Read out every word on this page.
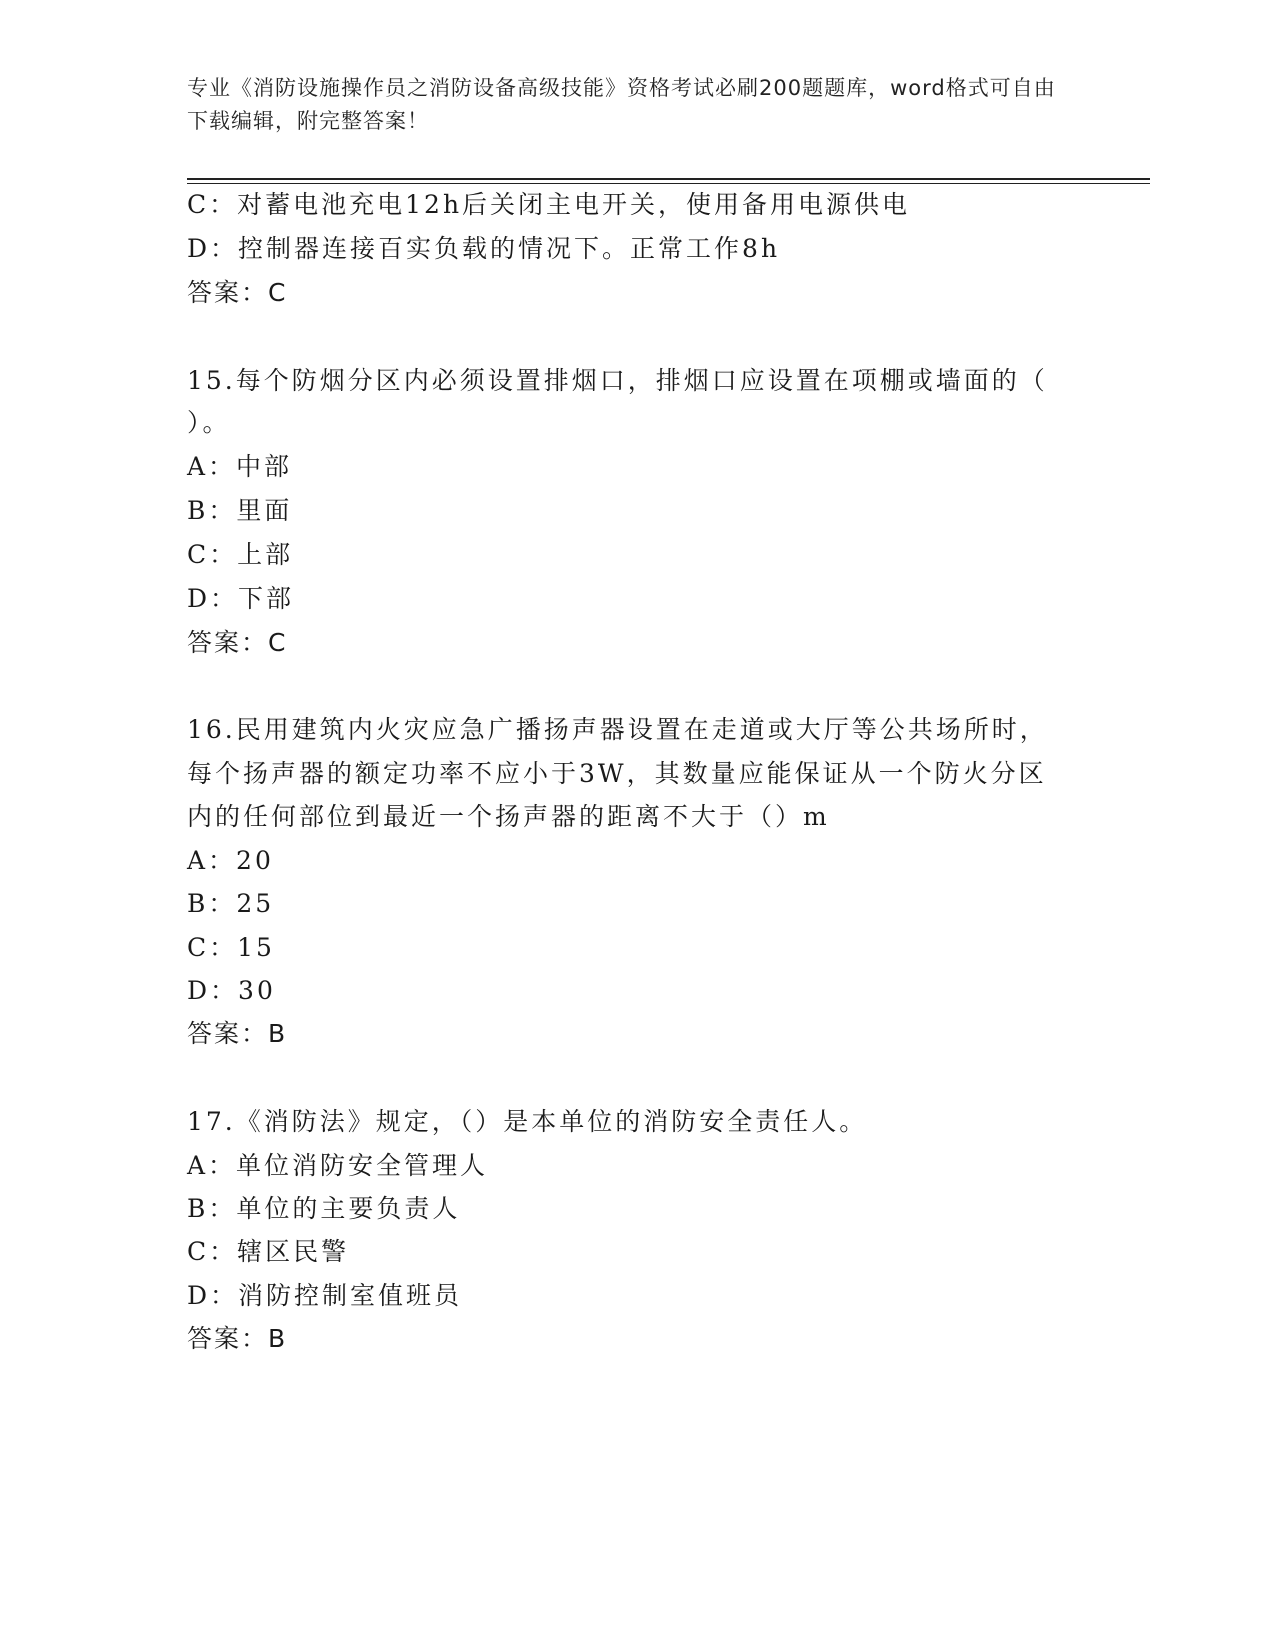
专业《消防设施操作员之消防设备高级技能》资格考试必刷200题题库，word格式可自由下载编辑，附完整答案！
C：对蓄电池充电12h后关闭主电开关，使用备用电源供电
D：控制器连接百实负载的情况下。正常工作8h
答案：C
15.每个防烟分区内必须设置排烟口，排烟口应设置在项棚或墙面的（
）。
A：中部
B：里面
C：上部
D：下部
答案：C
16.民用建筑内火灾应急广播扬声器设置在走道或大厅等公共场所时，
每个扬声器的额定功率不应小于3W，其数量应能保证从一个防火分区
内的任何部位到最近一个扬声器的距离不大于（）m
A：20
B：25
C：15
D：30
答案：B
17.《消防法》规定，（）是本单位的消防安全责任人。
A：单位消防安全管理人
B：单位的主要负责人
C：辖区民警
D：消防控制室值班员
答案：B
